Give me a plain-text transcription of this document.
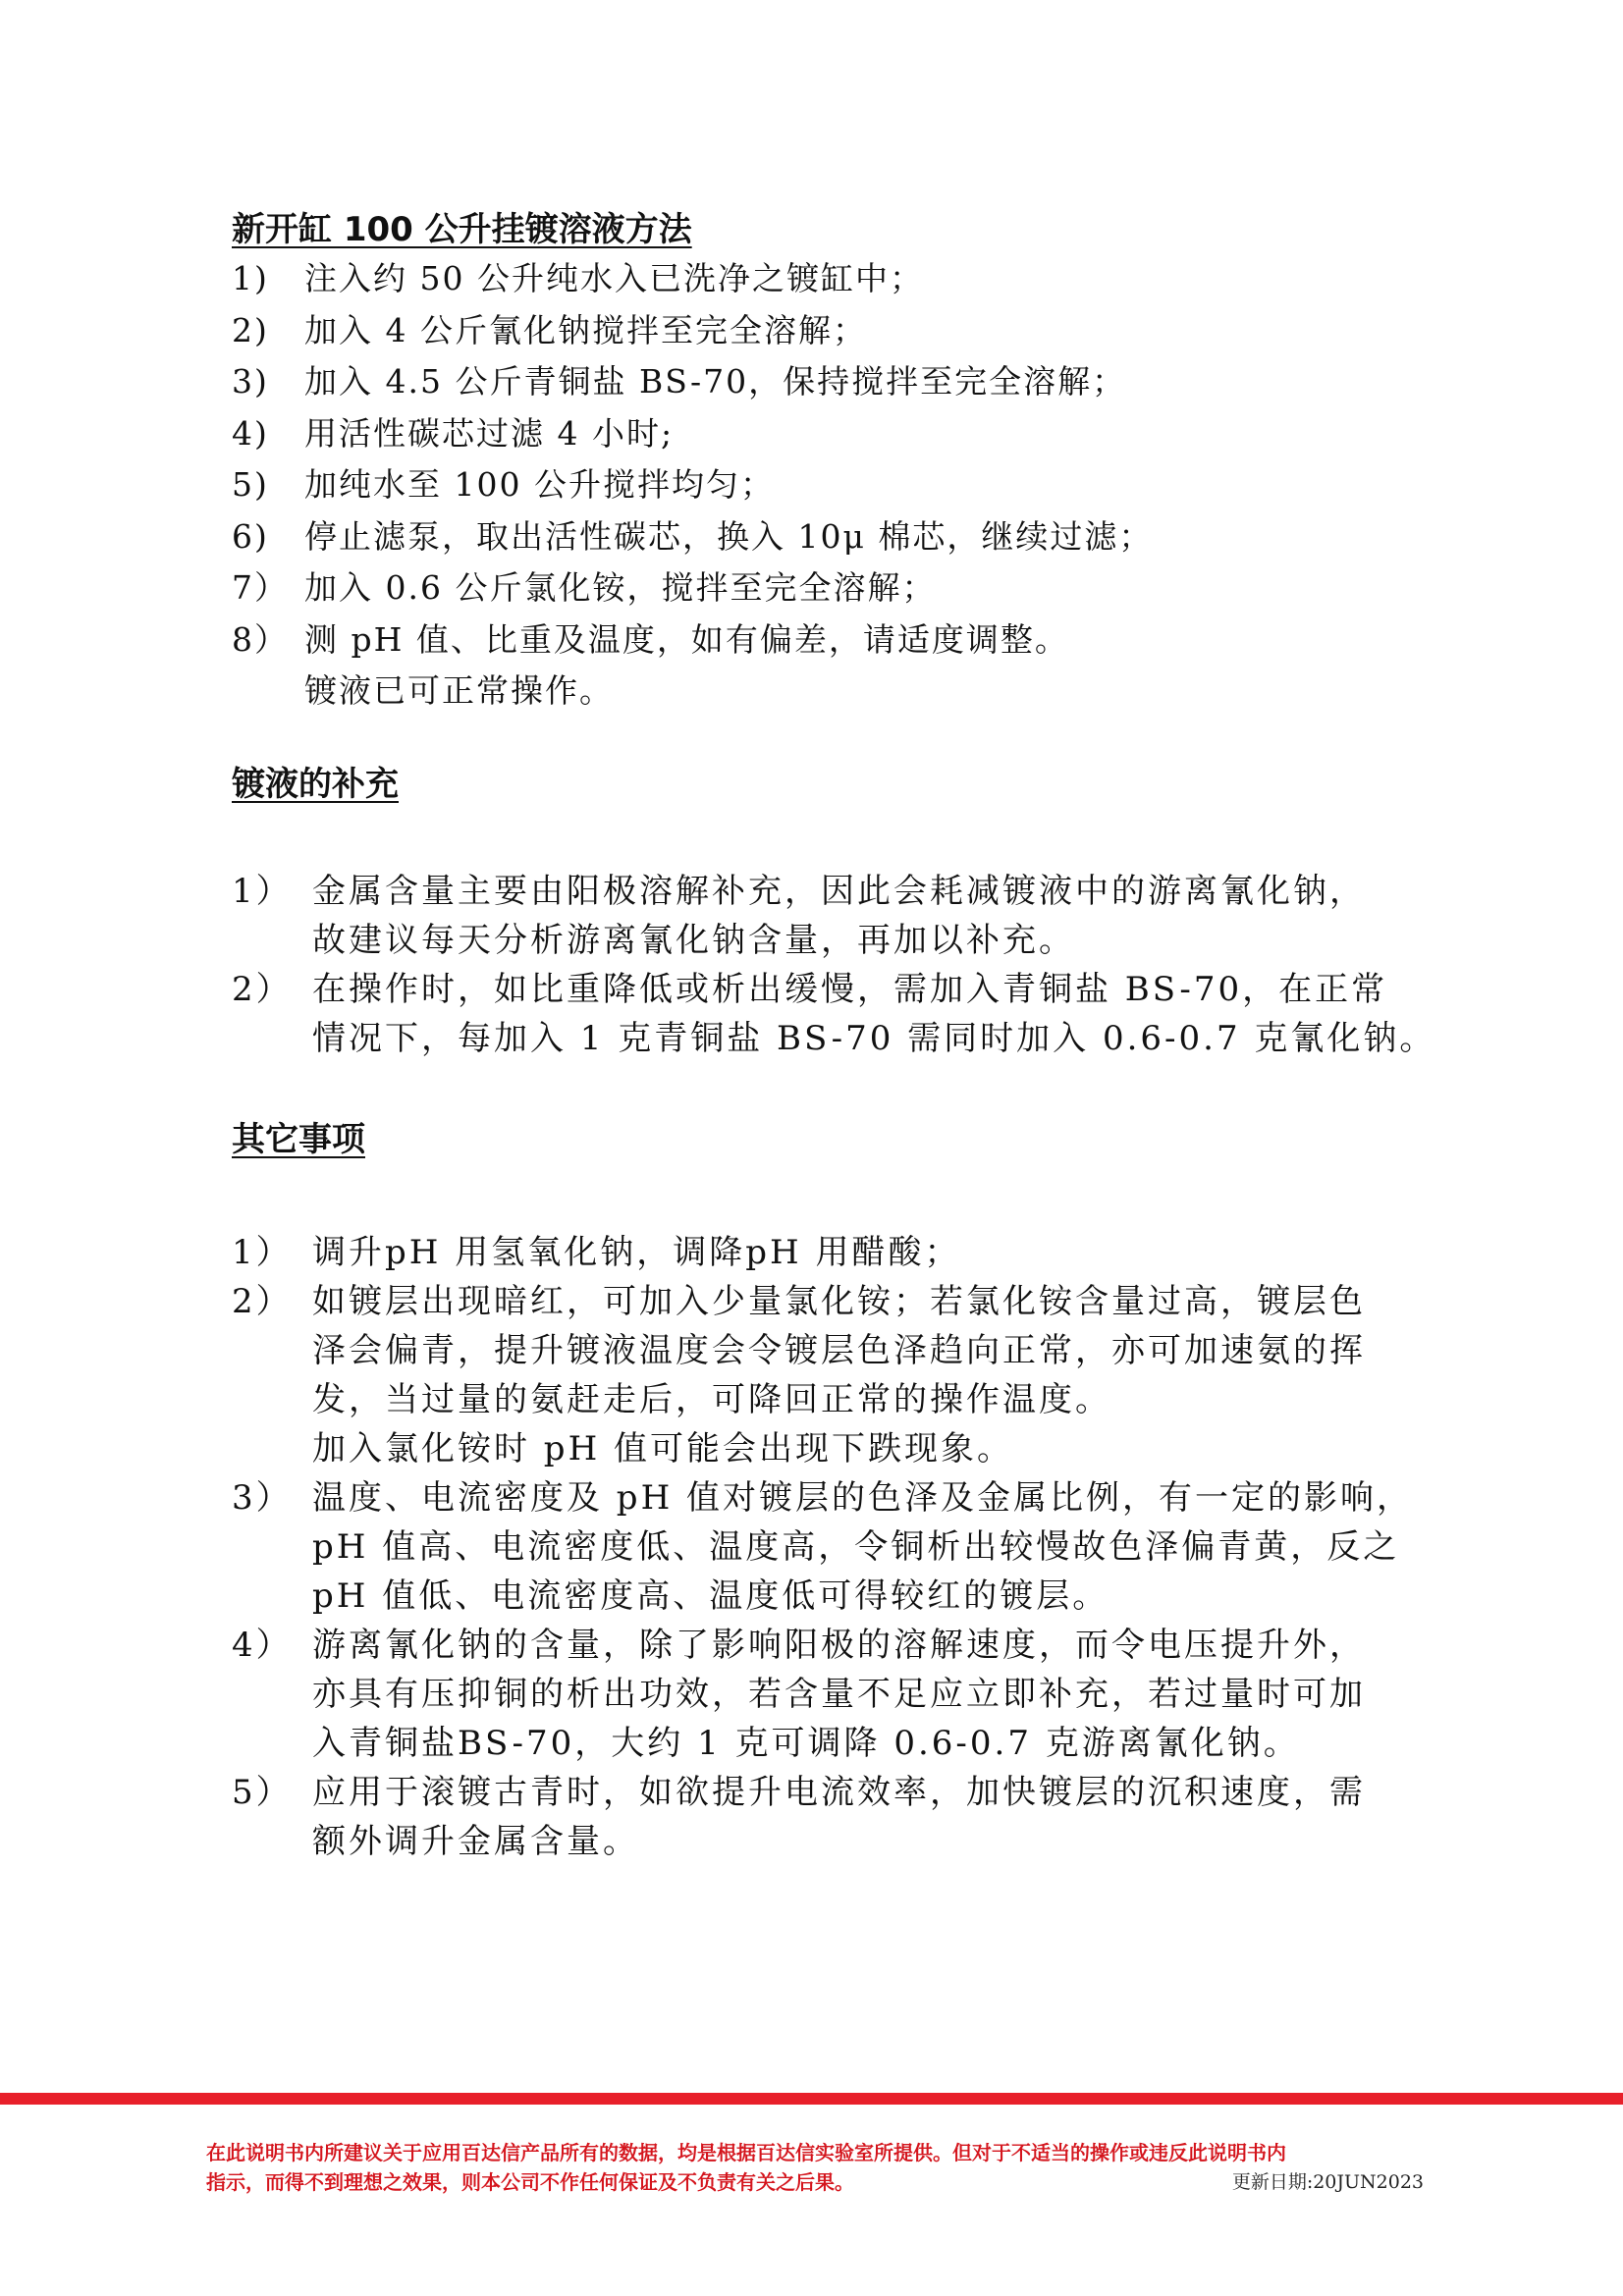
新开缸 100 公升挂镀溶液方法
1)	注入约 50 公升纯水入已洗净之镀缸中；
2)	加入 4 公斤氰化钠搅拌至完全溶解；
3)	加入 4.5 公斤青铜盐 BS-70，保持搅拌至完全溶解；
4)	用活性碳芯过滤 4 小时;
5)	加纯水至 100 公升搅拌均匀；
6)	停止滤泵，取出活性碳芯，换入 10μ 棉芯，继续过滤；
7） 加入 0.6 公斤氯化铵，搅拌至完全溶解；
8） 测 pH 值、比重及温度，如有偏差，请适度调整。
镀液已可正常操作。
镀液的补充
1） 金属含量主要由阳极溶解补充，因此会耗减镀液中的游离氰化钠，
故建议每天分析游离氰化钠含量，再加以补充。
2） 在操作时，如比重降低或析出缓慢，需加入青铜盐 BS-70，在正常
情况下，每加入 1 克青铜盐 BS-70 需同时加入 0.6-0.7 克氰化钠。
其它事项
1） 调升pH 用氢氧化钠，调降pH 用醋酸；
2） 如镀层出现暗红，可加入少量氯化铵；若氯化铵含量过高，镀层色
泽会偏青，提升镀液温度会令镀层色泽趋向正常，亦可加速氨的挥
发，当过量的氨赶走后，可降回正常的操作温度。
加入氯化铵时 pH 值可能会出现下跌现象。
3） 温度、电流密度及 pH 值对镀层的色泽及金属比例，有一定的影响，
pH 值高、电流密度低、温度高，令铜析出较慢故色泽偏青黄，反之
pH 值低、电流密度高、温度低可得较红的镀层。
4） 游离氰化钠的含量，除了影响阳极的溶解速度，而令电压提升外，
亦具有压抑铜的析出功效，若含量不足应立即补充，若过量时可加
入青铜盐BS-70，大约 1 克可调降 0.6-0.7 克游离氰化钠。
5） 应用于滚镀古青时，如欲提升电流效率，加快镀层的沉积速度，需
额外调升金属含量。
在此说明书内所建议关于应用百达信产品所有的数据，均是根据百达信实验室所提供。但对于不适当的操作或违反此说明书内
指示，而得不到理想之效果，则本公司不作任何保证及不负责有关之后果。	更新日期:20JUN2023
